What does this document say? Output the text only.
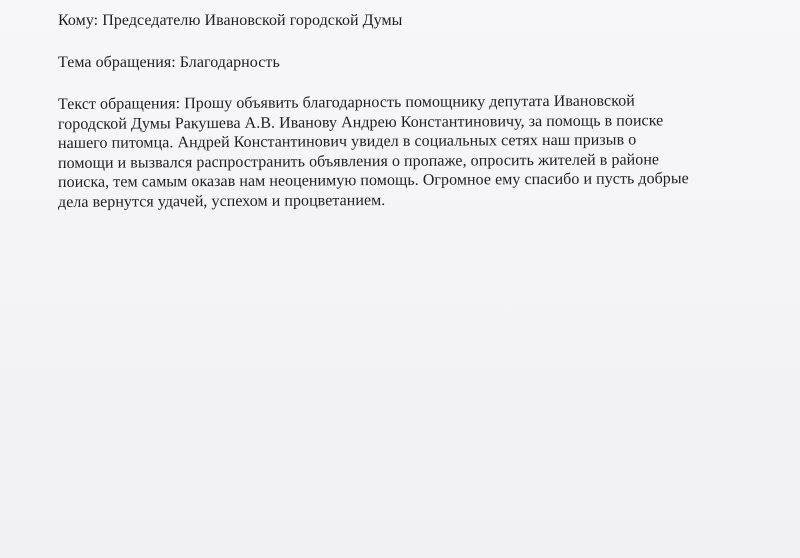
Кому: Председателю Ивановской городской Думы

Тема обращения: Благодарность

Текст обращения: Прошу объявить благодарность помощнику депутата Ивановской
городской Думы Ракушева А.В. Иванову Андрею Константиновичу, за помощь в поиске
нашего питомца. Андрей Константинович увидел в социальных сетях наш призыв о
помощи и вызвался распространить объявления о пропаже, опросить жителей в районе
поиска, тем самым оказав нам неоценимую помощь. Огромное ему спасибо и пусть добрые
дела вернутся удачей, успехом и процветанием.
